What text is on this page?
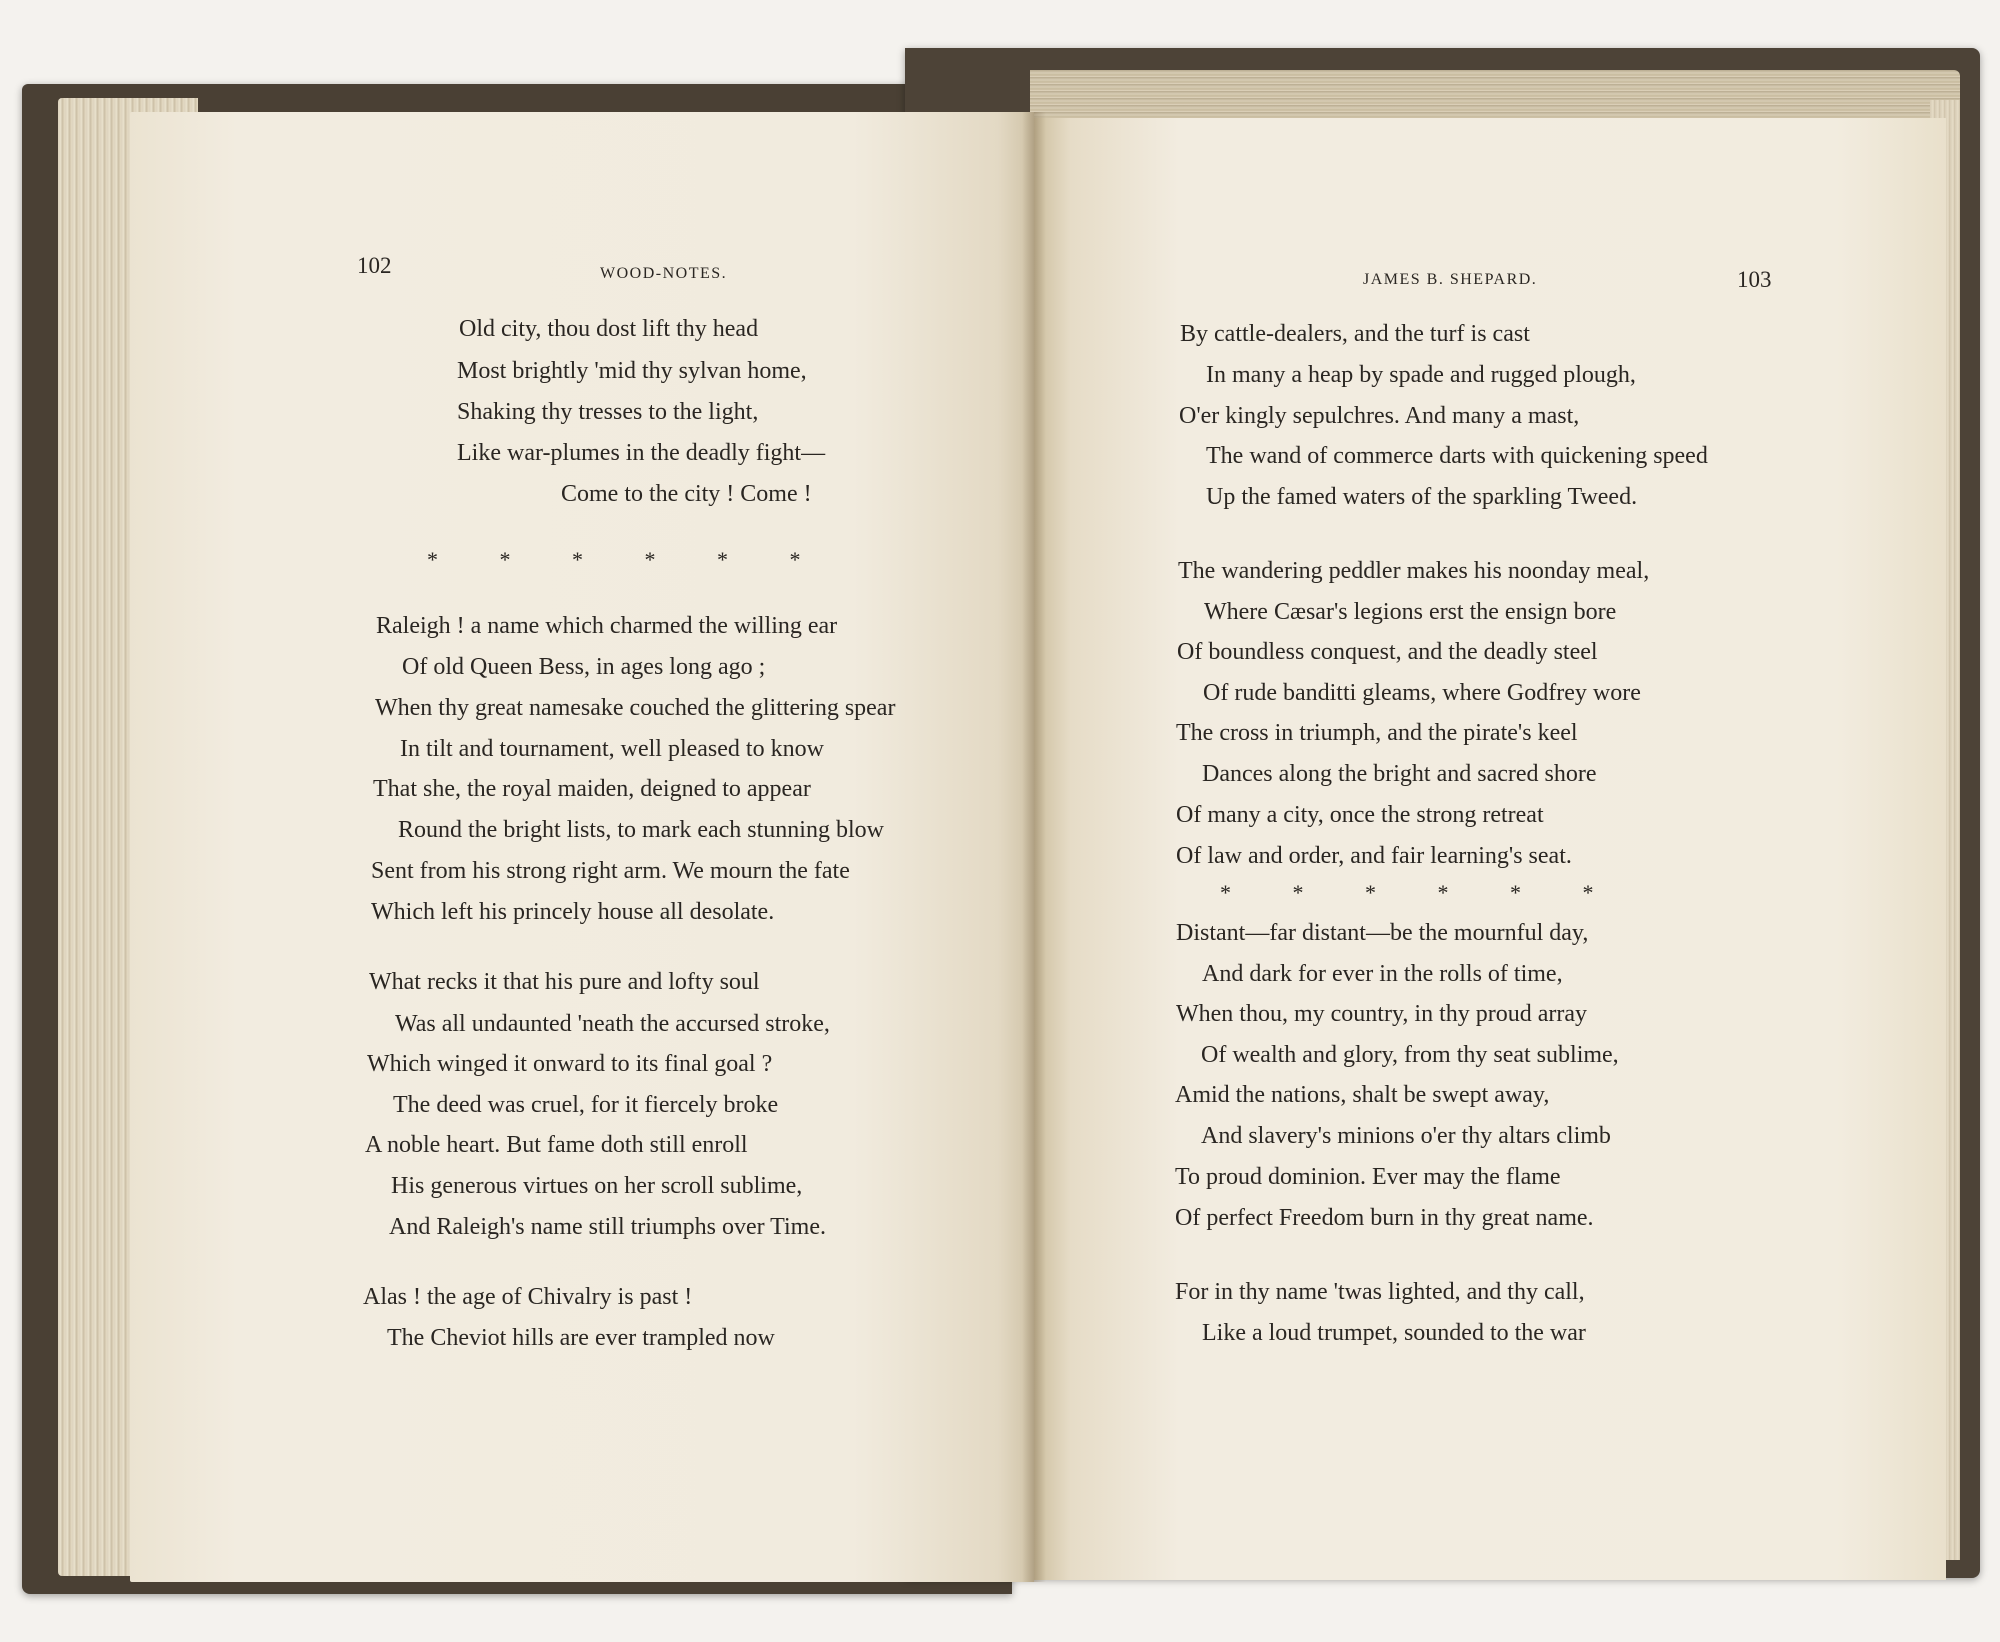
102	WOOD-NOTES.
Old city, thou dost lift thy head
Most brightly 'mid thy sylvan home,
Shaking thy tresses to the light,
Like war-plumes in the deadly fight—
Come to the city ! Come !
* * * * * *
Raleigh ! a name which charmed the willing ear
Of old Queen Bess, in ages long ago ;
When thy great namesake couched the glittering spear
In tilt and tournament, well pleased to know
That she, the royal maiden, deigned to appear
Round the bright lists, to mark each stunning blow
Sent from his strong right arm. We mourn the fate
Which left his princely house all desolate.
What recks it that his pure and lofty soul
Was all undaunted 'neath the accursed stroke,
Which winged it onward to its final goal ?
The deed was cruel, for it fiercely broke
A noble heart. But fame doth still enroll
His generous virtues on her scroll sublime,
And Raleigh's name still triumphs over Time.
Alas ! the age of Chivalry is past !
The Cheviot hills are ever trampled now
JAMES B. SHEPARD.	103
By cattle-dealers, and the turf is cast
In many a heap by spade and rugged plough,
O'er kingly sepulchres. And many a mast,
The wand of commerce darts with quickening speed
Up the famed waters of the sparkling Tweed.
The wandering peddler makes his noonday meal,
Where Cæsar's legions erst the ensign bore
Of boundless conquest, and the deadly steel
Of rude banditti gleams, where Godfrey wore
The cross in triumph, and the pirate's keel
Dances along the bright and sacred shore
Of many a city, once the strong retreat
Of law and order, and fair learning's seat.
* * * * * *
Distant—far distant—be the mournful day,
And dark for ever in the rolls of time,
When thou, my country, in thy proud array
Of wealth and glory, from thy seat sublime,
Amid the nations, shalt be swept away,
And slavery's minions o'er thy altars climb
To proud dominion. Ever may the flame
Of perfect Freedom burn in thy great name.
For in thy name 'twas lighted, and thy call,
Like a loud trumpet, sounded to the war
